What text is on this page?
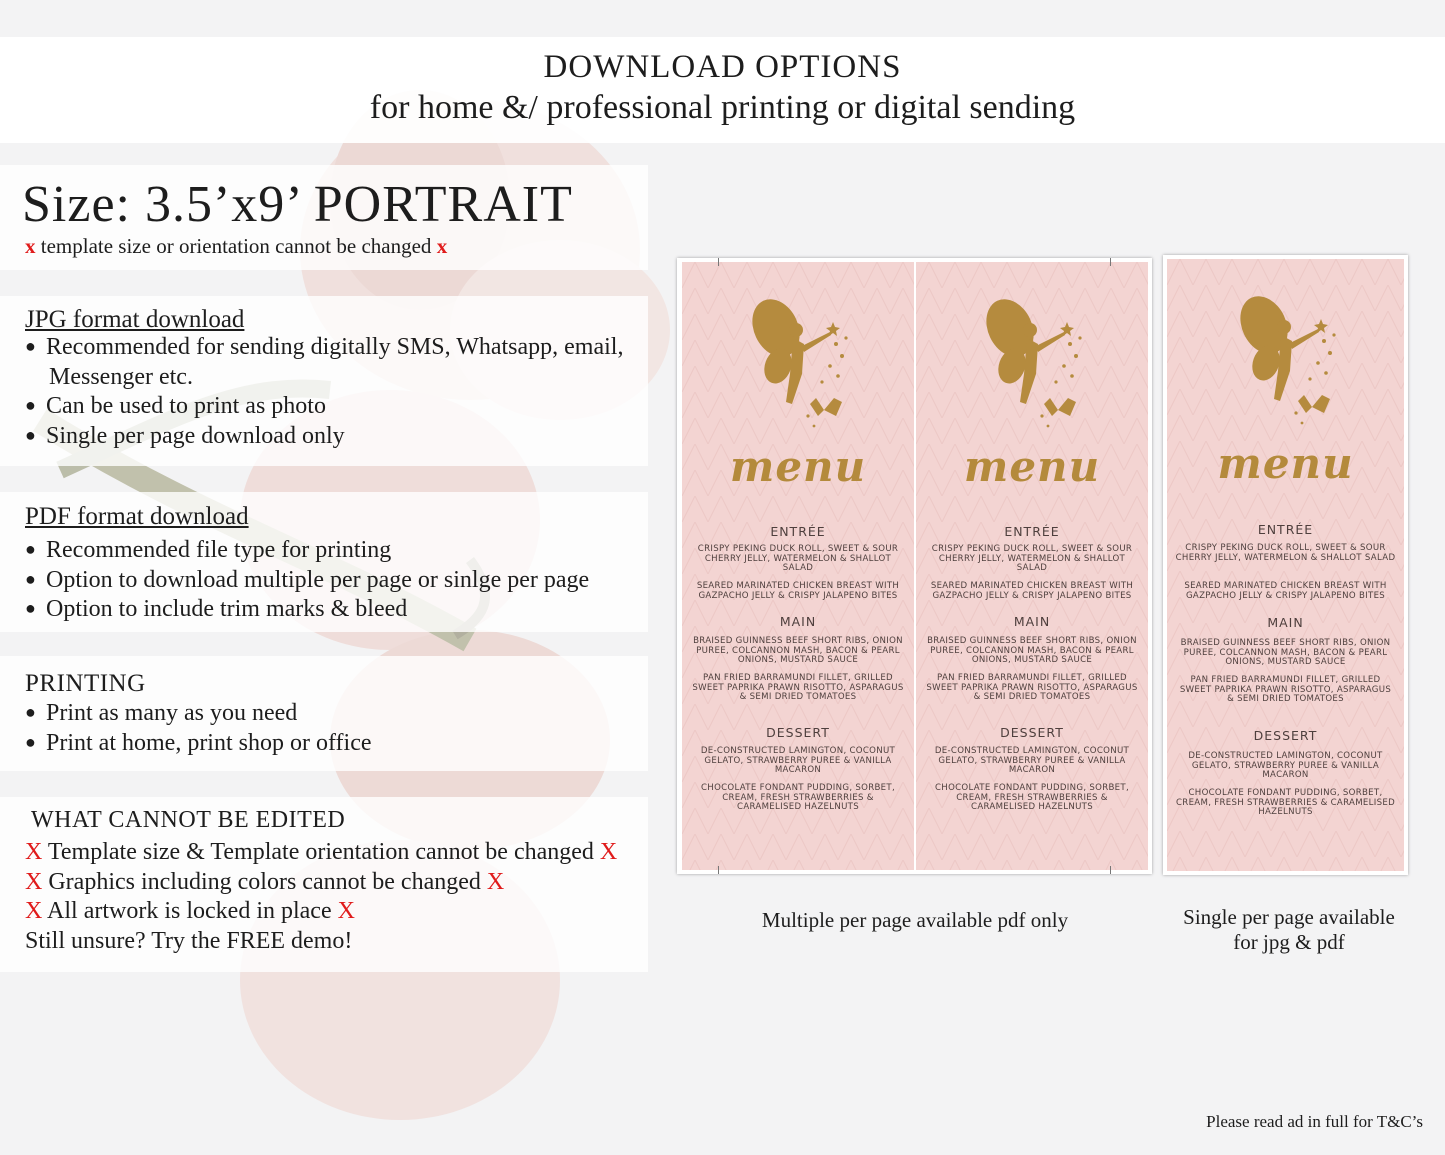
DOWNLOAD OPTIONS
for home &/ professional printing or digital sending
Size: 3.5’x9’ PORTRAIT
x template size or orientation cannot be changed x
JPG format download
● Recommended for sending digitally SMS, Whatsapp, email,
Messenger etc.
● Can be used to print as photo
● Single per page download only
PDF format download
● Recommended file type for printing
● Option to download multiple per page or sinlge per page
● Option to include trim marks & bleed
PRINTING
● Print as many as you need
● Print at home, print shop or office
WHAT CANNOT BE EDITED
X Template size & Template orientation cannot be changed X
X Graphics including colors cannot be changed X
X All artwork is locked in place X
Still unsure? Try the FREE demo!
menu
ENTRÉE
CRISPY PEKING DUCK ROLL, SWEET & SOUR CHERRY JELLY, WATERMELON & SHALLOT SALAD
SEARED MARINATED CHICKEN BREAST WITH GAZPACHO JELLY & CRISPY JALAPENO BITES
MAIN
BRAISED GUINNESS BEEF SHORT RIBS, ONION PUREE, COLCANNON MASH, BACON & PEARL ONIONS, MUSTARD SAUCE
PAN FRIED BARRAMUNDI FILLET, GRILLED SWEET PAPRIKA PRAWN RISOTTO, ASPARAGUS & SEMI DRIED TOMATOES
DESSERT
DE-CONSTRUCTED LAMINGTON, COCONUT GELATO, STRAWBERRY PUREE & VANILLA MACARON
CHOCOLATE FONDANT PUDDING, SORBET, CREAM, FRESH STRAWBERRIES & CARAMELISED HAZELNUTS
menu
ENTRÉE
CRISPY PEKING DUCK ROLL, SWEET & SOUR CHERRY JELLY, WATERMELON & SHALLOT SALAD
SEARED MARINATED CHICKEN BREAST WITH GAZPACHO JELLY & CRISPY JALAPENO BITES
MAIN
BRAISED GUINNESS BEEF SHORT RIBS, ONION PUREE, COLCANNON MASH, BACON & PEARL ONIONS, MUSTARD SAUCE
PAN FRIED BARRAMUNDI FILLET, GRILLED SWEET PAPRIKA PRAWN RISOTTO, ASPARAGUS & SEMI DRIED TOMATOES
DESSERT
DE-CONSTRUCTED LAMINGTON, COCONUT GELATO, STRAWBERRY PUREE & VANILLA MACARON
CHOCOLATE FONDANT PUDDING, SORBET, CREAM, FRESH STRAWBERRIES & CARAMELISED HAZELNUTS
menu
ENTRÉE
CRISPY PEKING DUCK ROLL, SWEET & SOUR CHERRY JELLY, WATERMELON & SHALLOT SALAD
SEARED MARINATED CHICKEN BREAST WITH GAZPACHO JELLY & CRISPY JALAPENO BITES
MAIN
BRAISED GUINNESS BEEF SHORT RIBS, ONION PUREE, COLCANNON MASH, BACON & PEARL ONIONS, MUSTARD SAUCE
PAN FRIED BARRAMUNDI FILLET, GRILLED SWEET PAPRIKA PRAWN RISOTTO, ASPARAGUS & SEMI DRIED TOMATOES
DESSERT
DE-CONSTRUCTED LAMINGTON, COCONUT GELATO, STRAWBERRY PUREE & VANILLA MACARON
CHOCOLATE FONDANT PUDDING, SORBET, CREAM, FRESH STRAWBERRIES & CARAMELISED HAZELNUTS
Multiple per page available pdf only	Single per page available
for jpg & pdf
Please read ad in full for T&C’s
